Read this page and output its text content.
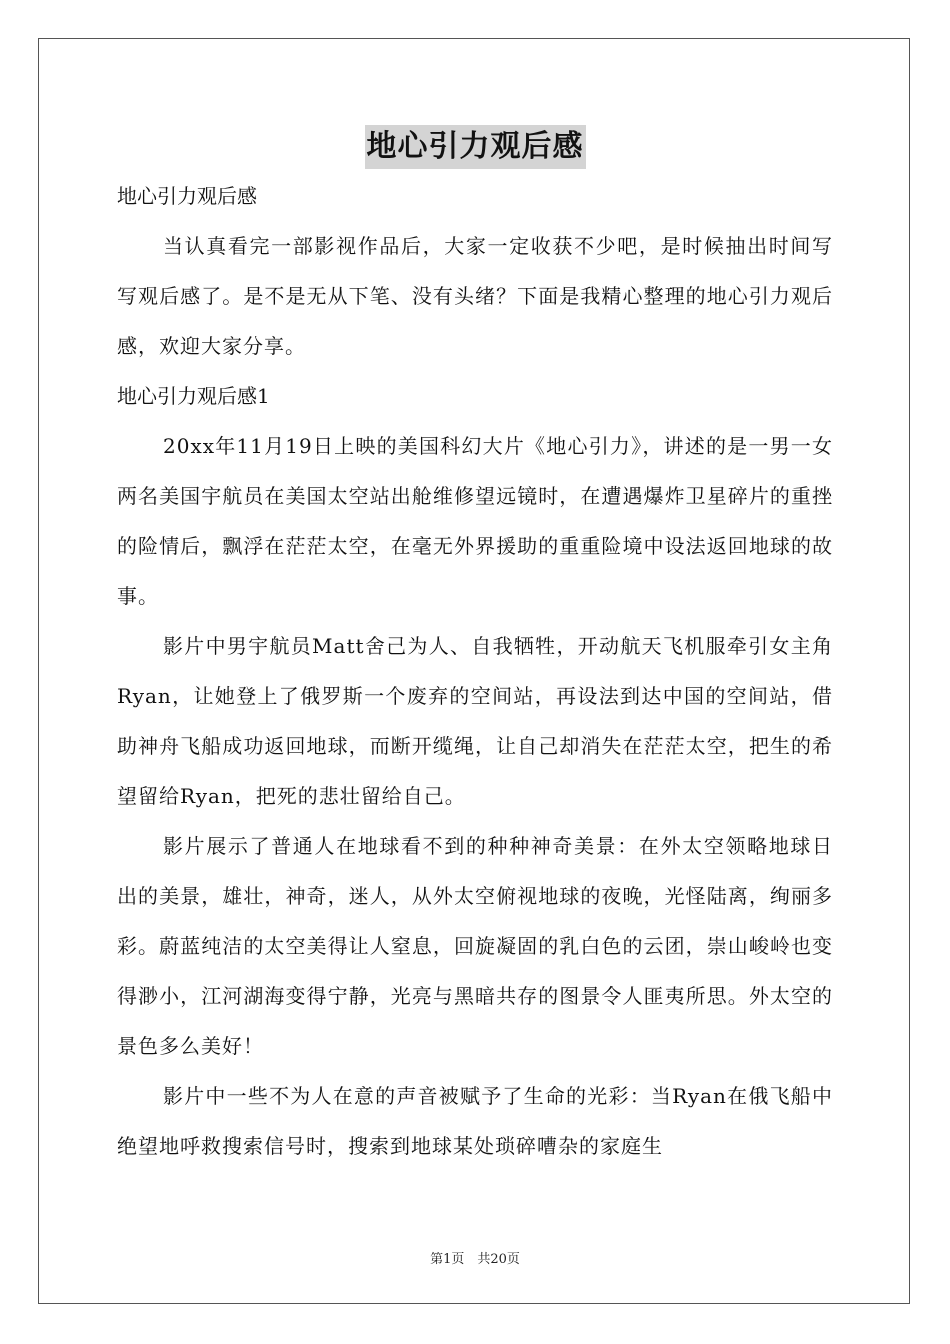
地心引力观后感

地心引力观后感

当认真看完一部影视作品后，大家一定收获不少吧，是时候抽出时间写写观后感了。是不是无从下笔、没有头绪？下面是我精心整理的地心引力观后感，欢迎大家分享。

地心引力观后感1

20xx年11月19日上映的美国科幻大片《地心引力》，讲述的是一男一女两名美国宇航员在美国太空站出舱维修望远镜时，在遭遇爆炸卫星碎片的重挫的险情后，飘浮在茫茫太空，在毫无外界援助的重重险境中设法返回地球的故事。

影片中男宇航员Matt舍己为人、自我牺牲，开动航天飞机服牵引女主角Ryan，让她登上了俄罗斯一个废弃的空间站，再设法到达中国的空间站，借助神舟飞船成功返回地球，而断开缆绳，让自己却消失在茫茫太空，把生的希望留给Ryan，把死的悲壮留给自己。

影片展示了普通人在地球看不到的种种神奇美景：在外太空领略地球日出的美景，雄壮，神奇，迷人，从外太空俯视地球的夜晚，光怪陆离，绚丽多彩。蔚蓝纯洁的太空美得让人窒息，回旋凝固的乳白色的云团，崇山峻岭也变得渺小，江河湖海变得宁静，光亮与黑暗共存的图景令人匪夷所思。外太空的景色多么美好！

影片中一些不为人在意的声音被赋予了生命的光彩：当Ryan在俄飞船中绝望地呼救搜索信号时，搜索到地球某处琐碎嘈杂的家庭生

第1页　共20页
